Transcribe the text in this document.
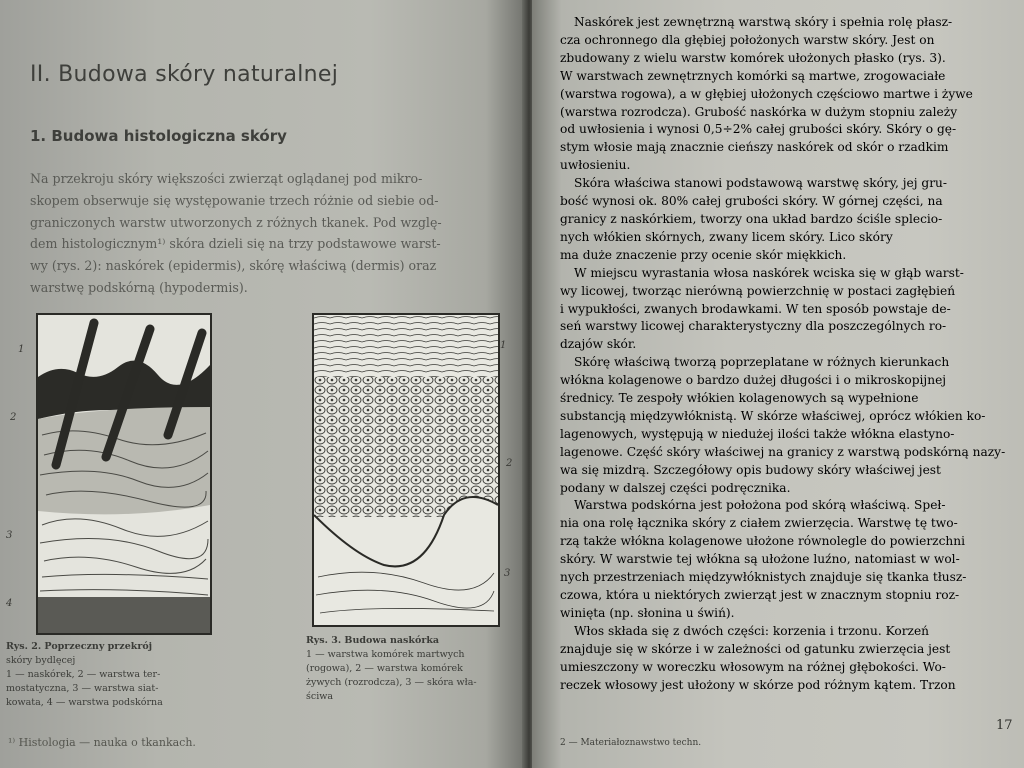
II. Budowa skóry naturalnej
1. Budowa histologiczna skóry
Na przekroju skóry większości zwierząt oglądanej pod mikro-
skopem obserwuje się występowanie trzech różnie od siebie od-
graniczonych warstw utworzonych z różnych tkanek. Pod wzglę-
dem histologicznym¹⁾ skóra dzieli się na trzy podstawowe warst-
wy (rys. 2): naskórek (epidermis), skórę właściwą (dermis) oraz
warstwę podskórną (hypodermis).
1
2
3
4
Rys. 2. Poprzeczny przekrój
skóry bydlęcej
1 — naskórek, 2 — warstwa ter-
mostatyczna, 3 — warstwa siat-
kowata, 4 — warstwa podskórna
1
2
3
Rys. 3. Budowa naskórka
1 — warstwa komórek martwych
(rogowa), 2 — warstwa komórek
żywych (rozrodcza), 3 — skóra wła-
ściwa
¹⁾ Histologia — nauka o tkankach.
Naskórek jest zewnętrzną warstwą skóry i spełnia rolę płasz-
cza ochronnego dla głębiej położonych warstw skóry. Jest on
zbudowany z wielu warstw komórek ułożonych płasko (rys. 3).
W warstwach zewnętrznych komórki są martwe, zrogowaciałe
(warstwa rogowa), a w głębiej ułożonych częściowo martwe i żywe
(warstwa rozrodcza). Grubość naskórka w dużym stopniu zależy
od uwłosienia i wynosi 0,5÷2% całej grubości skóry. Skóry o gę-
stym włosie mają znacznie cieńszy naskórek od skór o rzadkim
uwłosieniu.
Skóra właściwa stanowi podstawową warstwę skóry, jej gru-
bość wynosi ok. 80% całej grubości skóry. W górnej części, na
granicy z naskórkiem, tworzy ona układ bardzo ściśle splecio-
nych włókien skórnych, zwany licem skóry. Lico skóry
ma duże znaczenie przy ocenie skór miękkich.
W miejscu wyrastania włosa naskórek wciska się w głąb warst-
wy licowej, tworząc nierówną powierzchnię w postaci zagłębień
i wypukłości, zwanych brodawkami. W ten sposób powstaje de-
seń warstwy licowej charakterystyczny dla poszczególnych ro-
dzajów skór.
Skórę właściwą tworzą poprzeplatane w różnych kierunkach
włókna kolagenowe o bardzo dużej długości i o mikroskopijnej
średnicy. Te zespoły włókien kolagenowych są wypełnione
substancją międzywłóknistą. W skórze właściwej, oprócz włókien ko-
lagenowych, występują w niedużej ilości także włókna elastyno-
lagenowe. Część skóry właściwej na granicy z warstwą podskórną nazy-
wa się mizdrą. Szczegółowy opis budowy skóry właściwej jest
podany w dalszej części podręcznika.
Warstwa podskórna jest położona pod skórą właściwą. Speł-
nia ona rolę łącznika skóry z ciałem zwierzęcia. Warstwę tę two-
rzą także włókna kolagenowe ułożone równolegle do powierzchni
skóry. W warstwie tej włókna są ułożone luźno, natomiast w wol-
nych przestrzeniach międzywłóknistych znajduje się tkanka tłusz-
czowa, która u niektórych zwierząt jest w znacznym stopniu roz-
winięta (np. słonina u świń).
Włos składa się z dwóch części: korzenia i trzonu. Korzeń
znajduje się w skórze i w zależności od gatunku zwierzęcia jest
umieszczony w woreczku włosowym na różnej głębokości. Wo-
reczek włosowy jest ułożony w skórze pod różnym kątem. Trzon
2 — Materiałoznawstwo techn.
17
